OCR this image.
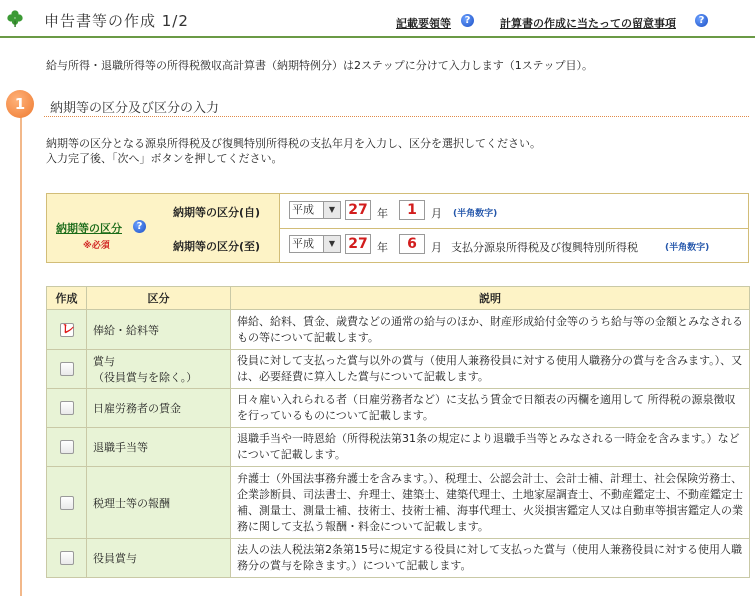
申告書等の作成 1/2	記載要領等	?	計算書の作成に当たっての留意事項	?
給与所得・退職所得等の所得税徴収高計算書（納期特例分）は2ステップに分けて入力します（1ステップ目）。
1	納期等の区分及び区分の入力
納期等の区分となる源泉所得税及び復興特別所得税の支払年月を入力し、区分を選択してください。
入力完了後、「次へ」ボタンを押してください。
納期等の区分	?
※必須
納期等の区分(自)	平成	▼ 27 年	1	月 (半角数字)
納期等の区分(至)	平成	▼ 27 年	6	月 支払分源泉所得税及び復興特別所得税	(半角数字)
作成	区分	説明

レ	俸給・給料等	俸給、給料、賃金、歳費などの通常の給与のほか、財産形成給付金等のうち給与等の金額とみなされるもの等について記載します。

	賞与
（役員賞与を除く。）	役員に対して支払った賞与以外の賞与（使用人兼務役員に対する使用人職務分の賞与を含みます。）、又は、必要経費に算入した賞与について記載します。
	日雇労務者の賃金	日々雇い入れられる者（日雇労務者など）に支払う賃金で日額表の丙欄を適用して 所得税の源泉徴収を行っているものについて記載します。
	退職手当等	退職手当や一時恩給（所得税法第31条の規定により退職手当等とみなされる一時金を含みます。）などについて記載します。
	税理士等の報酬	弁護士（外国法事務弁護士を含みます。）、税理士、公認会計士、会計士補、計理士、社会保険労務士、企業診断員、司法書士、弁理士、建築士、建築代理士、土地家屋調査士、不動産鑑定士、不動産鑑定士補、測量士、測量士補、技術士、技術士補、海事代理士、火災損害鑑定人又は自動車等損害鑑定人の業務に関して支払う報酬・料金について記載します。
	役員賞与	法人の法人税法第2条第15号に規定する役員に対して支払った賞与（使用人兼務役員に対する使用人職務分の賞与を除きます。）について記載します。
